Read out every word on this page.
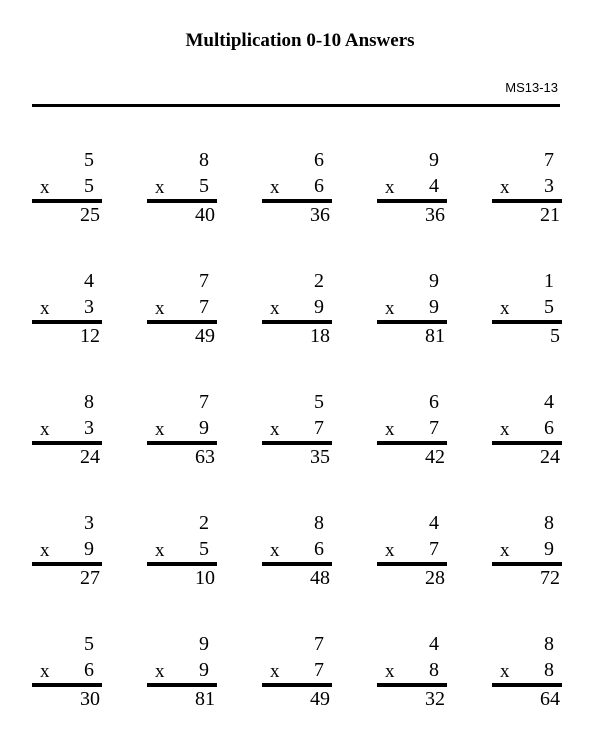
Multiplication 0-10 Answers
MS13-13
5
x 5
25
8
x 5
40
6
x 6
36
9
x 4
36
7
x 3
21
4
x 3
12
7
x 7
49
2
x 9
18
9
x 9
81
1
x 5
5
8
x 3
24
7
x 9
63
5
x 7
35
6
x 7
42
4
x 6
24
3
x 9
27
2
x 5
10
8
x 6
48
4
x 7
28
8
x 9
72
5
x 6
30
9
x 9
81
7
x 7
49
4
x 8
32
8
x 8
64
